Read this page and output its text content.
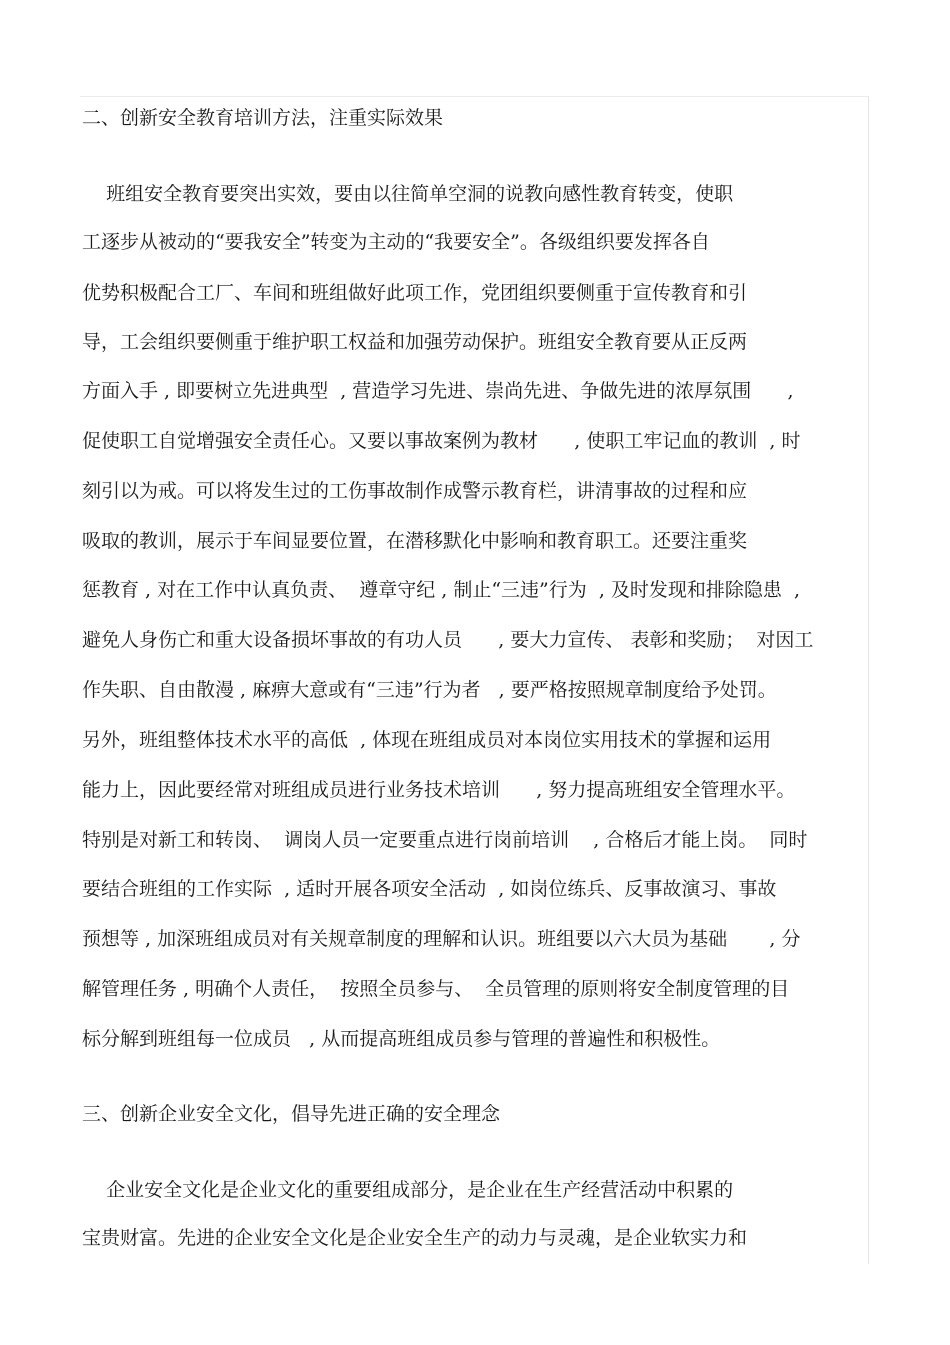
二、创新安全教育培训方法，注重实际效果
班组安全教育要突出实效，要由以往简单空洞的说教向感性教育转变，使职
工逐步从被动的“要我安全”转变为主动的“我要安全”。各级组织要发挥各自
优势积极配合工厂、车间和班组做好此项工作，党团组织要侧重于宣传教育和引
导，工会组织要侧重于维护职工权益和加强劳动保护。班组安全教育要从正反两
方面入手 , 即要树立先进典型  , 营造学习先进、崇尚先进、争做先进的浓厚氛围      ,
促使职工自觉增强安全责任心。又要以事故案例为教材      , 使职工牢记血的教训  , 时
刻引以为戒。可以将发生过的工伤事故制作成警示教育栏，讲清事故的过程和应
吸取的教训，展示于车间显要位置，在潜移默化中影响和教育职工。还要注重奖
惩教育 , 对在工作中认真负责、  遵章守纪 , 制止“三违”行为  , 及时发现和排除隐患  ,
避免人身伤亡和重大设备损坏事故的有功人员      , 要大力宣传、 表彰和奖励；  对因工
作失职、自由散漫 , 麻痹大意或有“三违”行为者   , 要严格按照规章制度给予处罚。
另外，班组整体技术水平的高低  , 体现在班组成员对本岗位实用技术的掌握和运用
能力上，因此要经常对班组成员进行业务技术培训      , 努力提高班组安全管理水平。
特别是对新工和转岗、  调岗人员一定要重点进行岗前培训    , 合格后才能上岗。  同时
要结合班组的工作实际  , 适时开展各项安全活动  , 如岗位练兵、反事故演习、事故
预想等 , 加深班组成员对有关规章制度的理解和认识。班组要以六大员为基础       , 分
解管理任务 , 明确个人责任，  按照全员参与、  全员管理的原则将安全制度管理的目
标分解到班组每一位成员   , 从而提高班组成员参与管理的普遍性和积极性。
三、创新企业安全文化，倡导先进正确的安全理念
企业安全文化是企业文化的重要组成部分，是企业在生产经营活动中积累的
宝贵财富。先进的企业安全文化是企业安全生产的动力与灵魂，是企业软实力和
